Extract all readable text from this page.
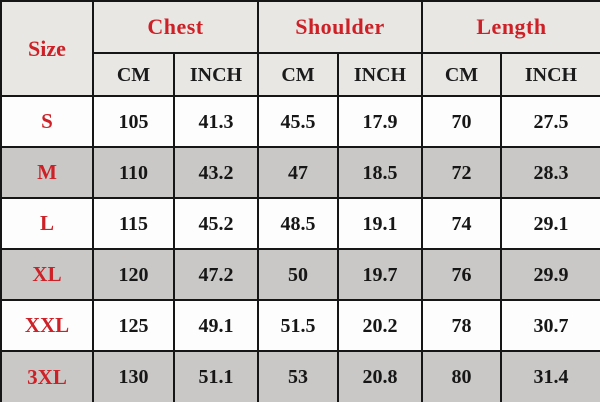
Size	Chest		Shoulder		Length	
	CM	INCH	CM	INCH	CM	INCH
S	105	41.3	45.5	17.9	70	27.5
M	110	43.2	47	18.5	72	28.3
L	115	45.2	48.5	19.1	74	29.1
XL	120	47.2	50	19.7	76	29.9
XXL	125	49.1	51.5	20.2	78	30.7
3XL	130	51.1	53	20.8	80	31.4
